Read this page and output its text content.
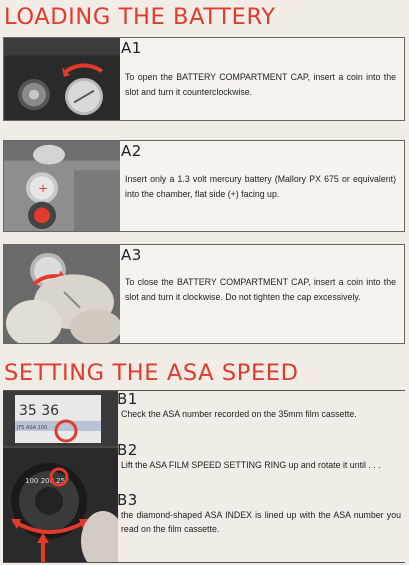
LOADING THE BATTERY
A1
To open the BATTERY COMPARTMENT CAP, insert a coin into the slot and turn it counterclockwise.
+
A2
Insert only a 1.3 volt mercury battery (Mallory PX 675 or equivalent) into the chamber, flat side (+) facing up.
A3
To close the BATTERY COMPARTMENT CAP, insert a coin into the slot and turn it clockwise. Do not tighten the cap excessively.
SETTING THE ASA SPEED
35 36
JFS ASA 100
100 200 25
B1
Check the ASA number recorded on the 35mm film cassette.
B2
Lift the ASA FILM SPEED SETTING RING up and rotate it until . . .
B3
the diamond-shaped ASA INDEX is lined up with the ASA number you read on the film cassette.
